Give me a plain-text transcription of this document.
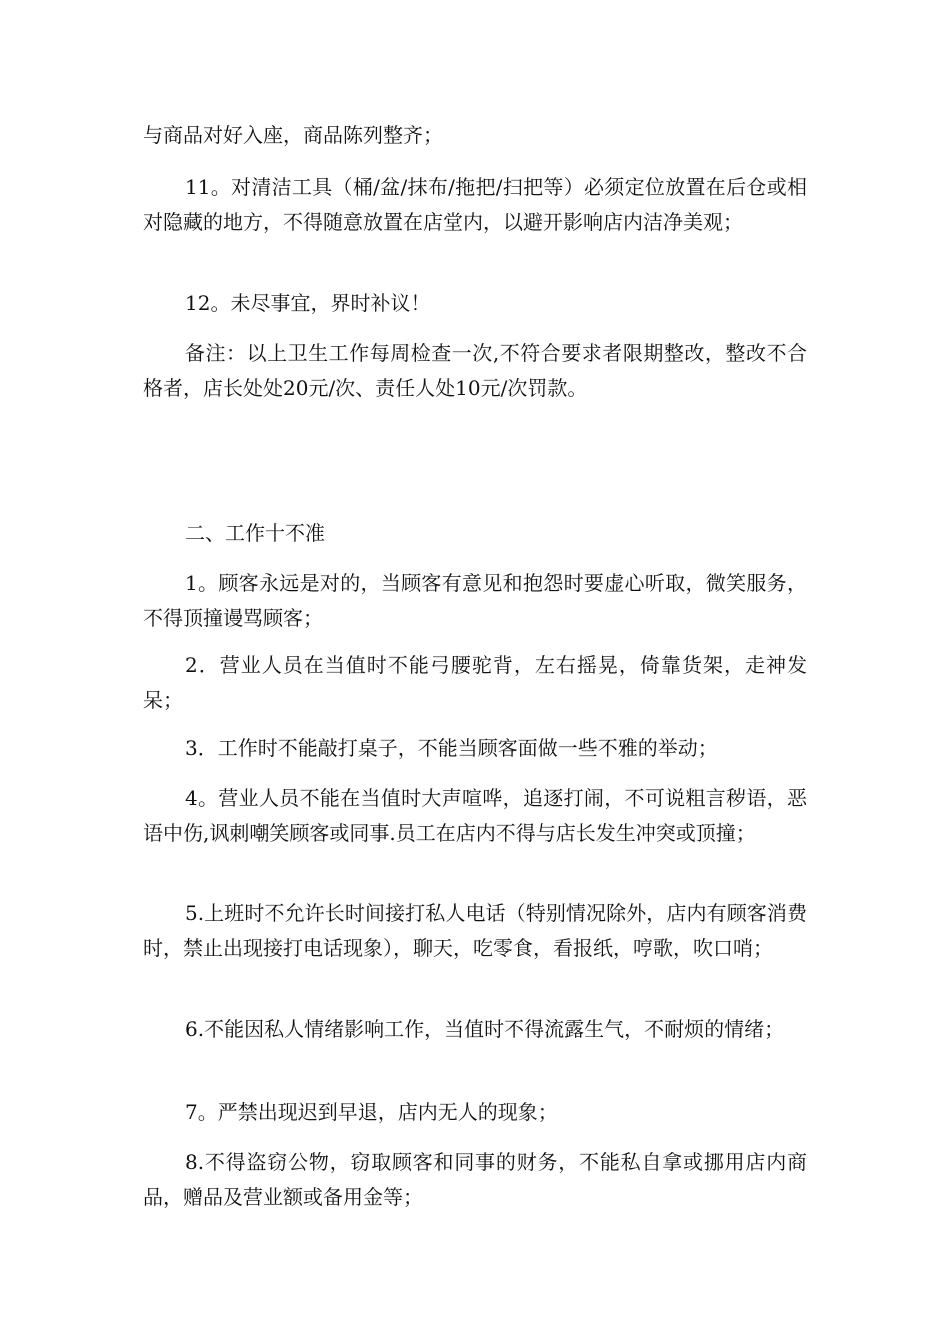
与商品对好入座，商品陈列整齐；

11。对清洁工具（桶/盆/抹布/拖把/扫把等）必须定位放置在后仓或相对隐藏的地方，不得随意放置在店堂内，以避开影响店内洁净美观；

12。未尽事宜，界时补议！

备注：以上卫生工作每周检查一次,不符合要求者限期整改，整改不合格者，店长处处20元/次、责任人处10元/次罚款。

二、工作十不准

1。顾客永远是对的，当顾客有意见和抱怨时要虚心听取，微笑服务，不得顶撞谩骂顾客；

2．营业人员在当值时不能弓腰驼背，左右摇晃，倚靠货架，走神发呆；

3．工作时不能敲打桌子，不能当顾客面做一些不雅的举动；

4。营业人员不能在当值时大声喧哗，追逐打闹，不可说粗言秽语，恶语中伤,讽刺嘲笑顾客或同事.员工在店内不得与店长发生冲突或顶撞；

5.上班时不允许长时间接打私人电话（特别情况除外，店内有顾客消费时，禁止出现接打电话现象），聊天，吃零食，看报纸，哼歌，吹口哨；

6.不能因私人情绪影响工作，当值时不得流露生气，不耐烦的情绪；

7。严禁出现迟到早退，店内无人的现象；

8.不得盗窃公物，窃取顾客和同事的财务，不能私自拿或挪用店内商品，赠品及营业额或备用金等；
